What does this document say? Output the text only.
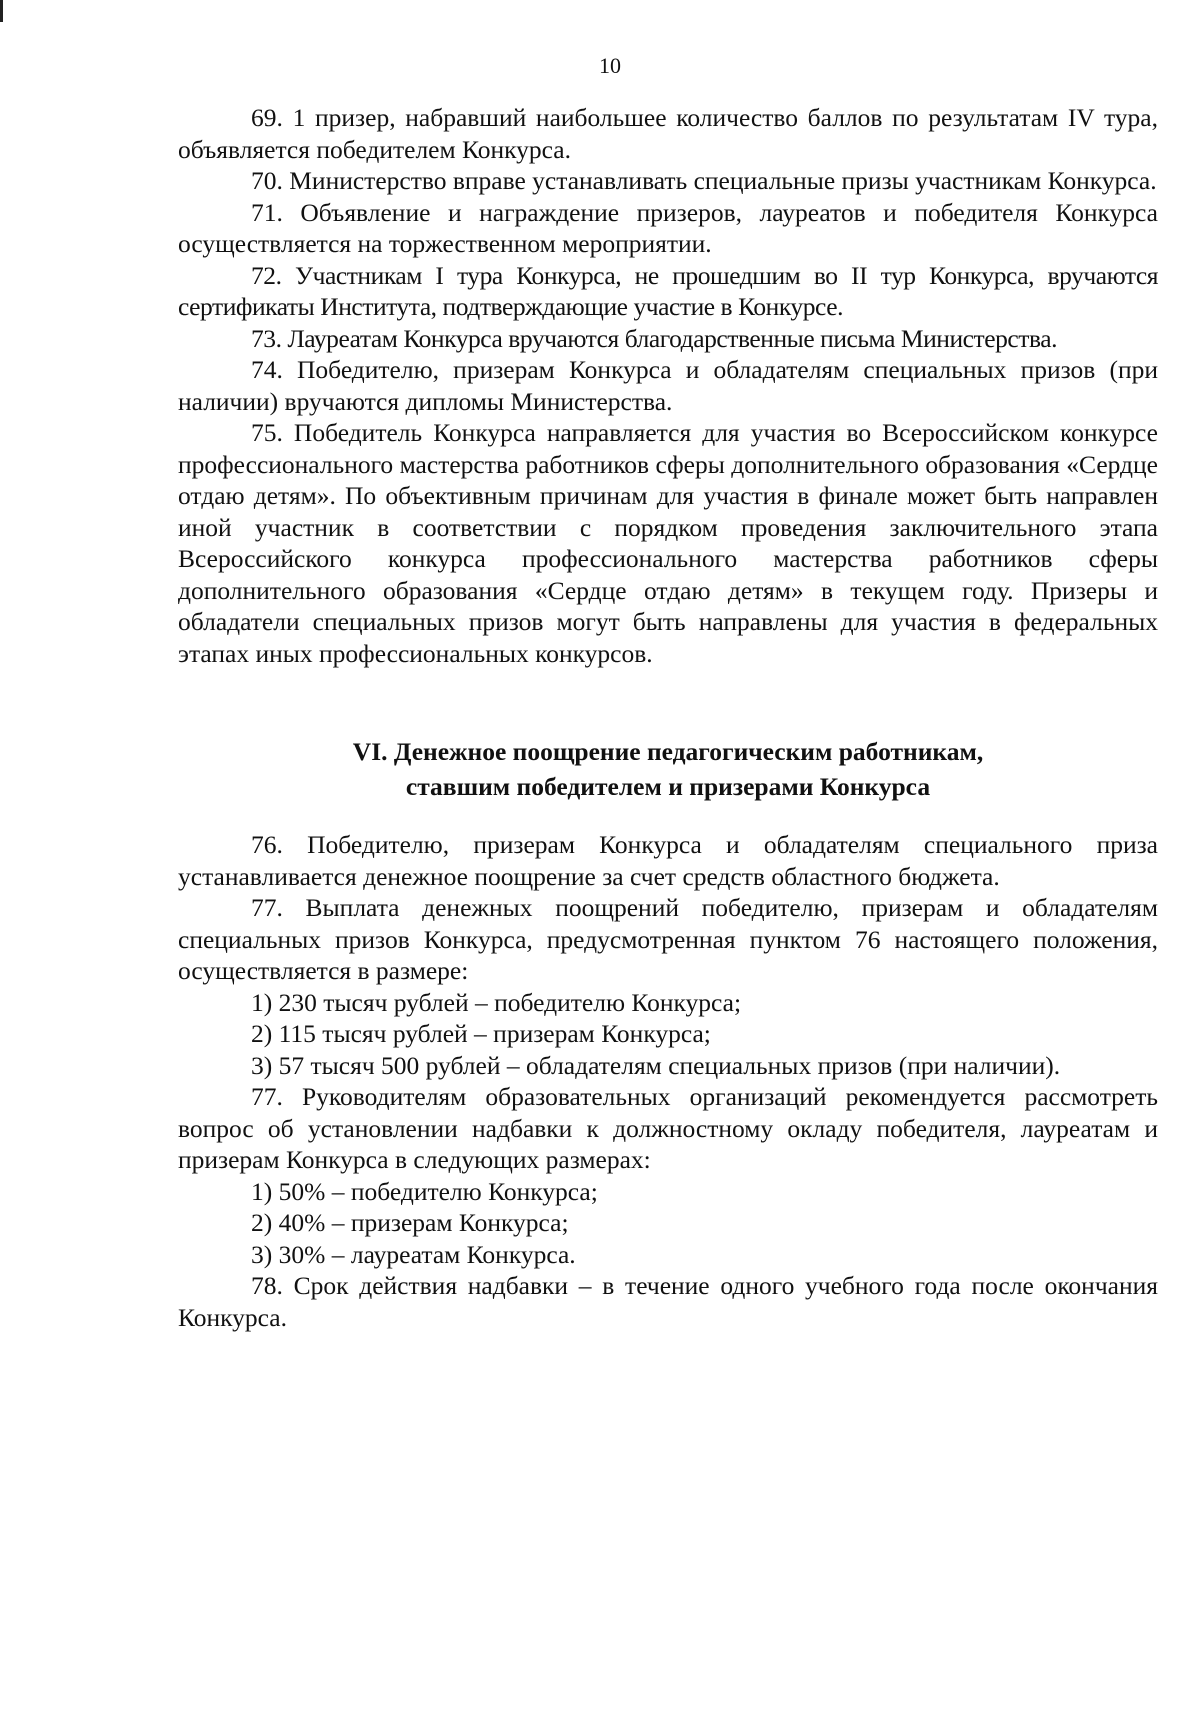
10

69. 1 призер, набравший наибольшее количество баллов по результатам IV тура, объявляется победителем Конкурса.

70. Министерство вправе устанавливать специальные призы участникам Конкурса.

71. Объявление и награждение призеров, лауреатов и победителя Конкурса осуществляется на торжественном мероприятии.

72. Участникам I тура Конкурса, не прошедшим во II тур Конкурса, вручаются сертификаты Института, подтверждающие участие в Конкурсе.

73. Лауреатам Конкурса вручаются благодарственные письма Министерства.

74. Победителю, призерам Конкурса и обладателям специальных призов (при наличии) вручаются дипломы Министерства.

75. Победитель Конкурса направляется для участия во Всероссийском конкурсе профессионального мастерства работников сферы дополнительного образования «Сердце отдаю детям». По объективным причинам для участия в финале может быть направлен иной участник в соответствии с порядком проведения заключительного этапа Всероссийского конкурса профессионального мастерства работников сферы дополнительного образования «Сердце отдаю детям» в текущем году. Призеры и обладатели специальных призов могут быть направлены для участия в федеральных этапах иных профессиональных конкурсов.

VI. Денежное поощрение педагогическим работникам,
ставшим победителем и призерами Конкурса

76. Победителю, призерам Конкурса и обладателям специального приза устанавливается денежное поощрение за счет средств областного бюджета.

77. Выплата денежных поощрений победителю, призерам и обладателям специальных призов Конкурса, предусмотренная пунктом 76 настоящего положения, осуществляется в размере:

1) 230 тысяч рублей – победителю Конкурса;

2) 115 тысяч рублей – призерам Конкурса;

3) 57 тысяч 500 рублей – обладателям специальных призов (при наличии).

77. Руководителям образовательных организаций рекомендуется рассмотреть вопрос об установлении надбавки к должностному окладу победителя, лауреатам и призерам Конкурса в следующих размерах:

1) 50% – победителю Конкурса;

2) 40% – призерам Конкурса;

3) 30% – лауреатам Конкурса.

78. Срок действия надбавки – в течение одного учебного года после окончания Конкурса.
